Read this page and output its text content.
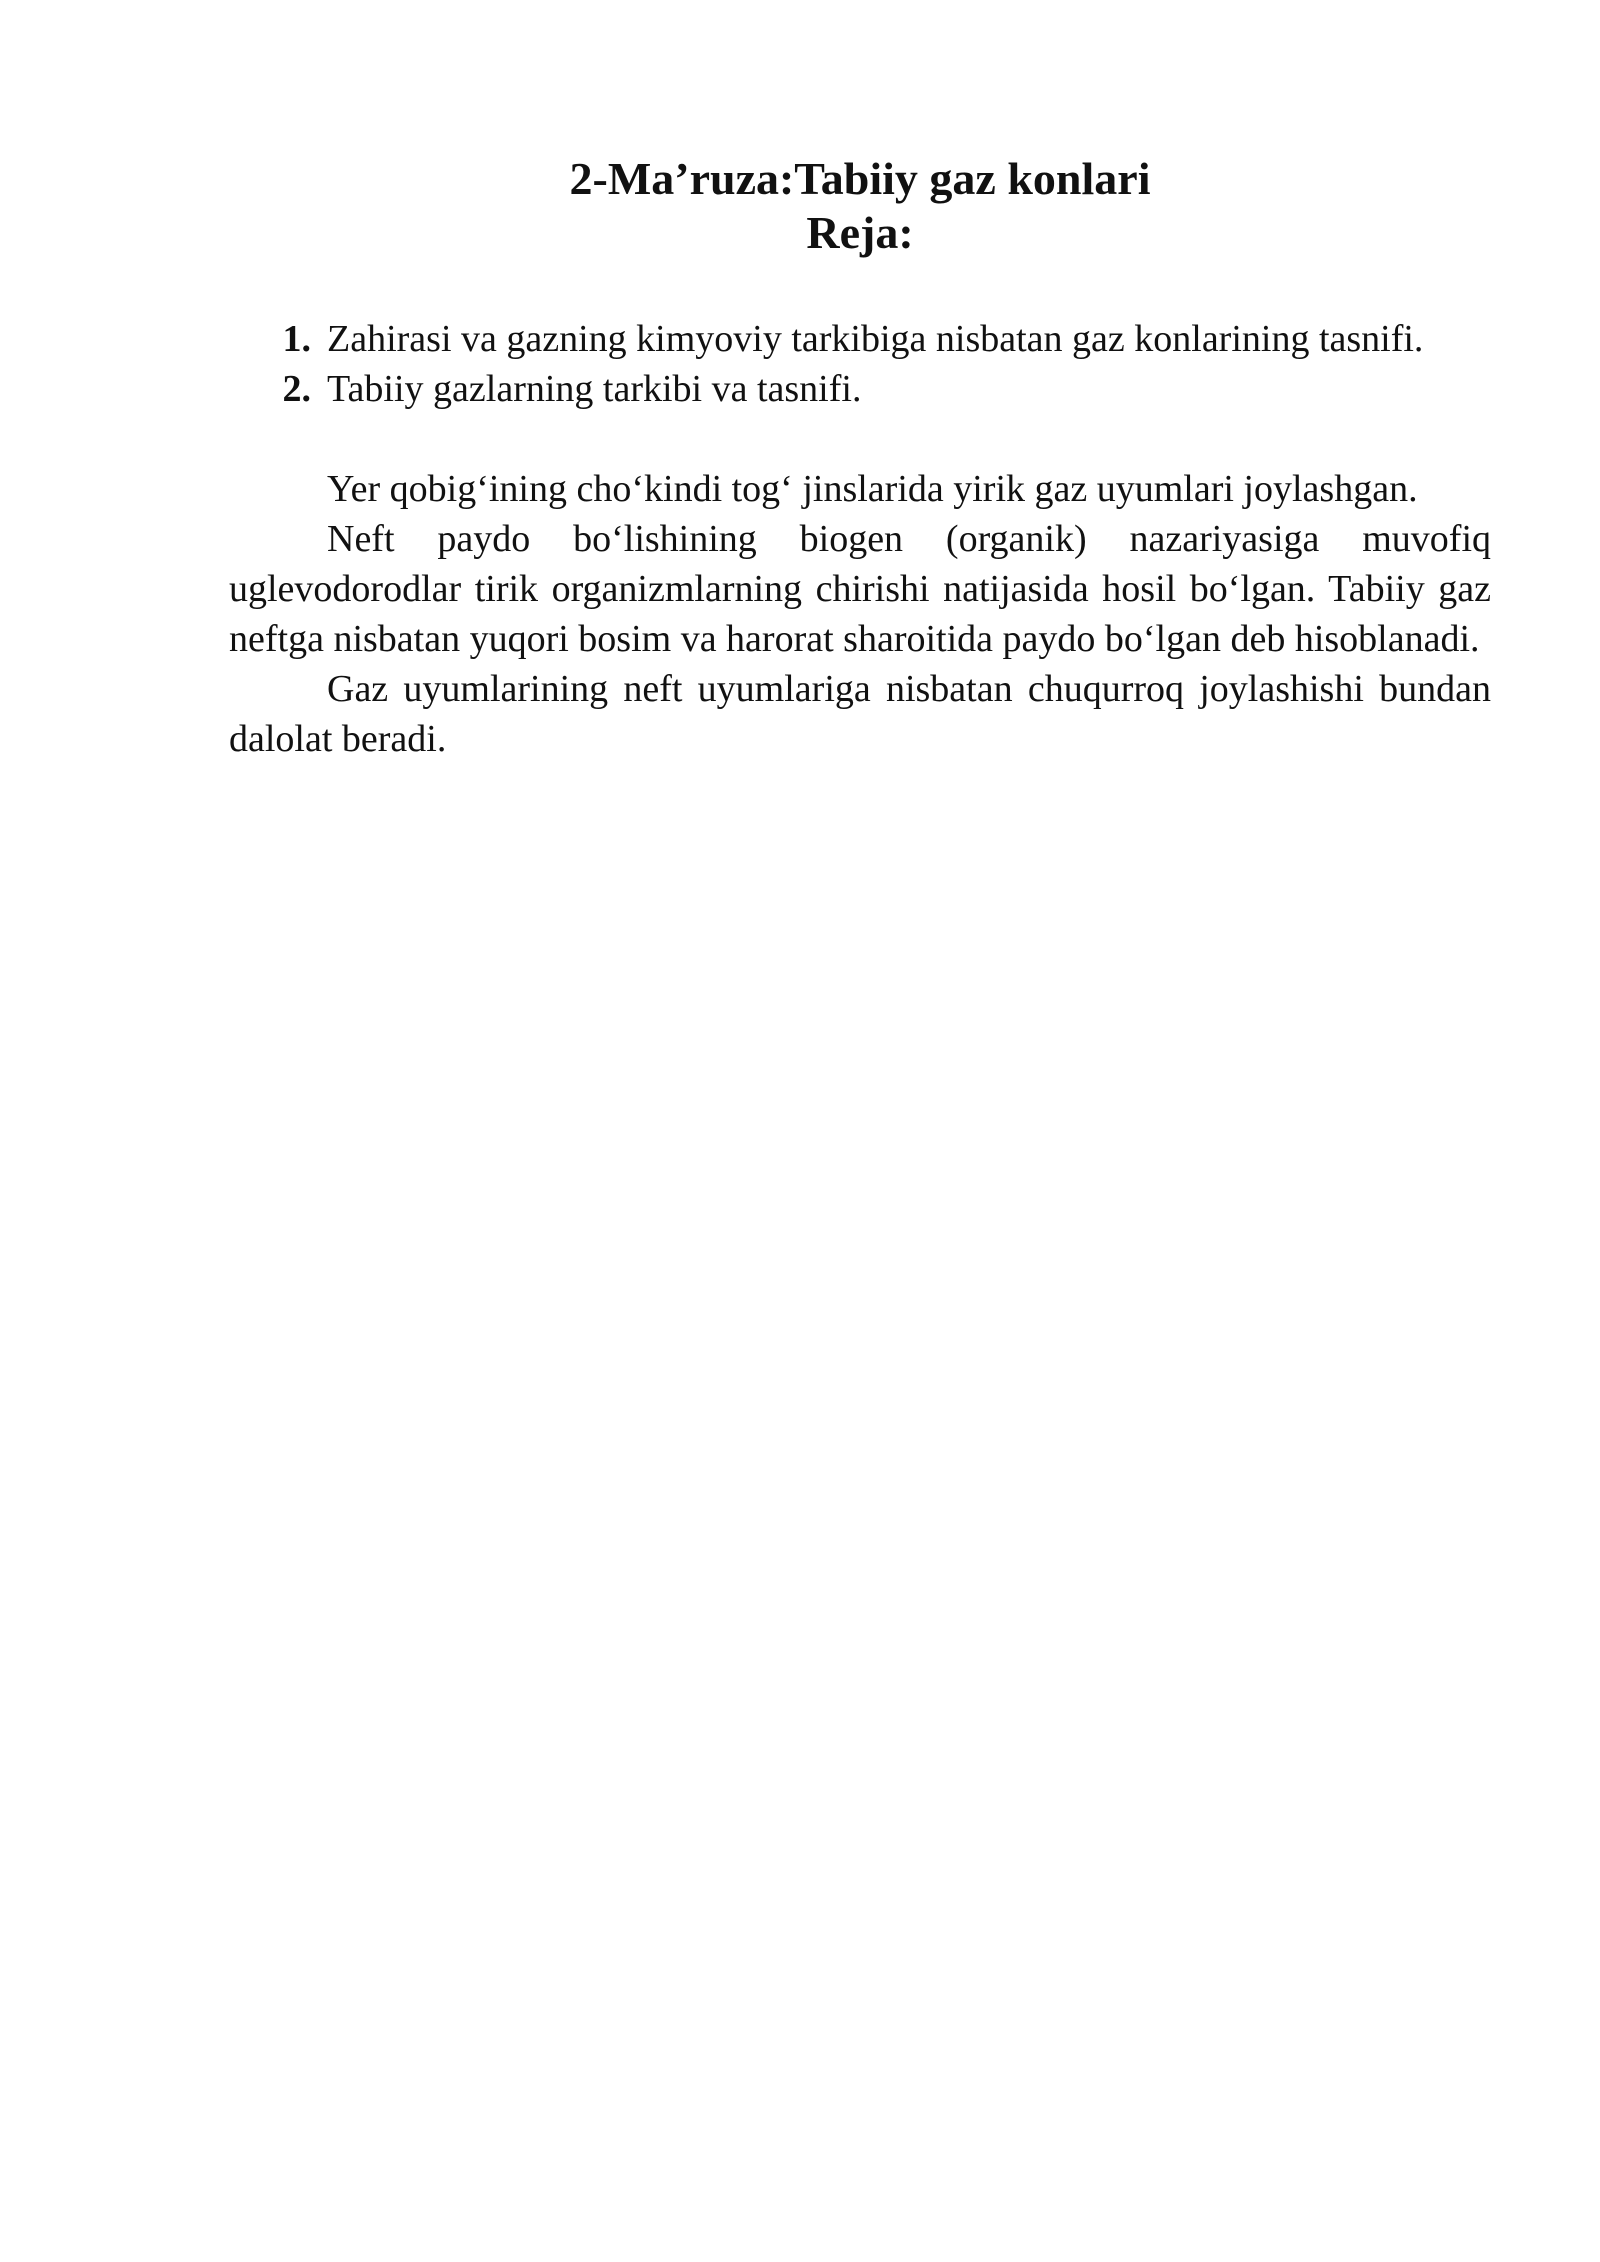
2-Ma’ruza:Tabiiy gaz konlari
Reja:
1. Zahirasi va gazning kimyoviy tarkibiga nisbatan gaz konlarining tasnifi.
2. Tabiiy gazlarning tarkibi va tasnifi.

Yer qobig‘ining cho‘kindi tog‘ jinslarida yirik gaz uyumlari joylashgan.

Neft paydo bo‘lishining biogen (organik) nazariyasiga muvofiq uglevodorodlar tirik organizmlarning chirishi natijasida hosil bo‘lgan. Tabiiy gaz neftga nisbatan yuqori bosim va harorat sharoitida paydo bo‘lgan deb hisoblanadi.

Gaz uyumlarining neft uyumlariga nisbatan chuqurroq joylashishi bundan dalolat beradi.
